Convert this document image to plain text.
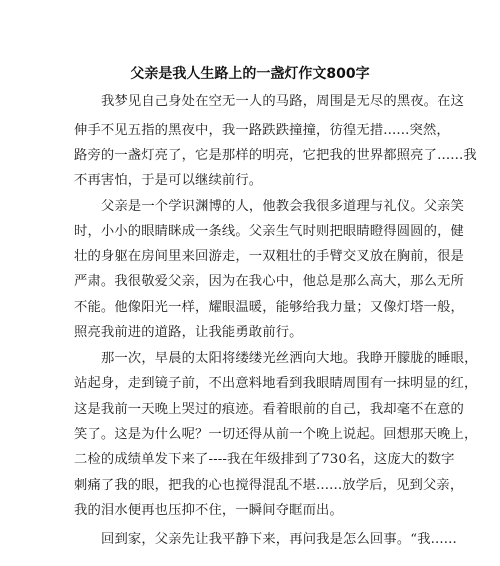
父亲是我人生路上的一盏灯作文800字
我梦见自己身处在空无一人的马路，周围是无尽的黑夜。在这
伸手不见五指的黑夜中，我一路跌跌撞撞，彷徨无措......突然，
路旁的一盏灯亮了，它是那样的明亮，它把我的世界都照亮了......我
不再害怕，于是可以继续前行。
父亲是一个学识渊博的人，他教会我很多道理与礼仪。父亲笑
时，小小的眼睛眯成一条线。父亲生气时则把眼睛瞪得圆圆的，健
壮的身躯在房间里来回游走，一双粗壮的手臂交叉放在胸前，很是
严肃。我很敬爱父亲，因为在我心中，他总是那么高大，那么无所
不能。他像阳光一样，耀眼温暖，能够给我力量；又像灯塔一般，
照亮我前进的道路，让我能勇敢前行。
那一次，早晨的太阳将缕缕光丝洒向大地。我睁开朦胧的睡眼，
站起身，走到镜子前，不出意料地看到我眼睛周围有一抹明显的红，
这是我前一天晚上哭过的痕迹。看着眼前的自己，我却毫不在意的
笑了。这是为什么呢？一切还得从前一个晚上说起。回想那天晚上，
二检的成绩单发下来了----我在年级排到了730名，这庞大的数字
刺痛了我的眼，把我的心也搅得混乱不堪......放学后，见到父亲，
我的泪水便再也压抑不住，一瞬间夺眶而出。
回到家，父亲先让我平静下来，再问我是怎么回事。“我......
